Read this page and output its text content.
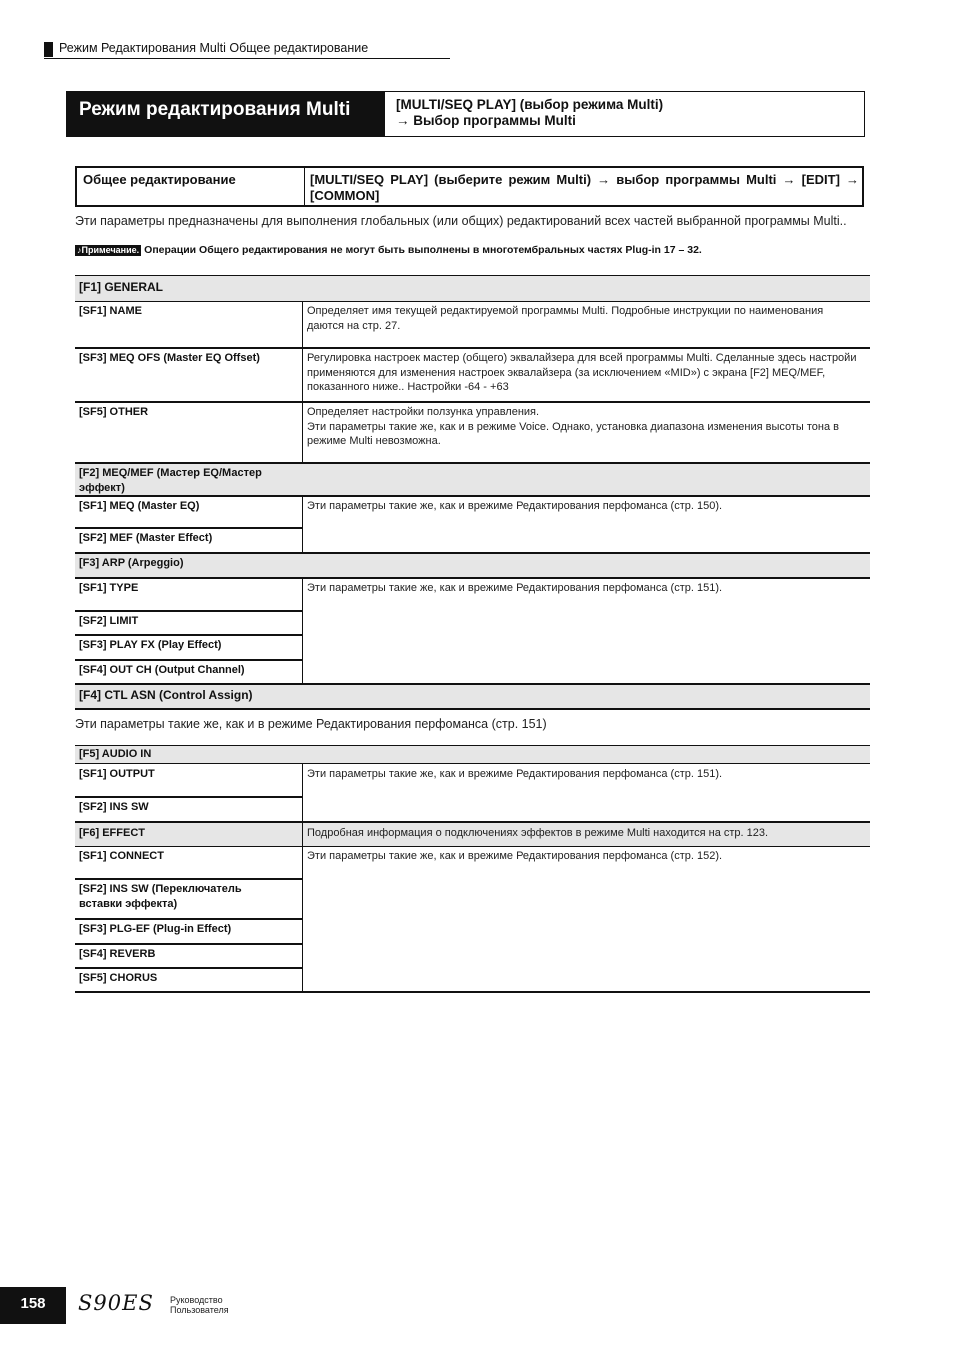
Режим Редактирования Multi Общее редактирование
Режим редактирования Multi	[MULTI/SEQ PLAY] (выбор режима Multi)
→ Выбор программы Multi
Общее редактирование	[MULTI/SEQ PLAY] (выберите режим Multi) → выбор программы Multi → [EDIT] → [COMMON]
Эти параметры предназначены для выполнения глобальных (или общих) редактирований всех частей выбранной программы Multi..
♪Примечание. Операции Общего редактирования не могут быть выполнены в многотембральных частях Plug-in 17 – 32.
[F1] GENERAL
[SF1] NAME	Определяет имя текущей редактируемой программы Multi. Подробные инструкции по наименования даются на стр. 27.
[SF3] MEQ OFS (Master EQ Offset)	Регулировка настроек мастер (общего) эквалайзера для всей программы Multi. Сделанные здесь настройи применяются для изменения настроек эквалайзера (за исключением «MID») с экрана [F2] MEQ/MEF, показанного ниже.. Настройки -64 - +63
[SF5] OTHER	Определяет настройки ползунка управления.
Эти параметры такие же, как и в режиме Voice. Однако, установка диапазона изменения высоты тона в режиме Multi невозможна.
[F2] MEQ/MEF (Мастер EQ/Мастер эффект)
[SF1] MEQ (Master EQ)	Эти параметры такие же, как и врежиме Редактирования перфоманса (стр. 150).
[SF2] MEF (Master Effect)
[F3] ARP (Arpeggio)
[SF1] TYPE	Эти параметры такие же, как и врежиме Редактирования перфоманса (стр. 151).
[SF2] LIMIT
[SF3] PLAY FX (Play Effect)
[SF4] OUT CH (Output Channel)
[F4] CTL ASN (Control Assign)
Эти параметры такие же, как и в режиме Редактирования перфоманса (стр. 151)
[F5] AUDIO IN
[SF1] OUTPUT	Эти параметры такие же, как и врежиме Редактирования перфоманса (стр. 151).
[SF2] INS SW
[F6] EFFECT	Подробная информация о подключениях эффектов в режиме Multi находится на стр. 123.
[SF1] CONNECT	Эти параметры такие же, как и врежиме Редактирования перфоманса (стр. 152).
[SF2] INS SW (Переключатель вставки эффекта)
[SF3] PLG-EF (Plug-in Effect)
[SF4] REVERB
[SF5] CHORUS
158	S90ES Руководство
Пользователя
